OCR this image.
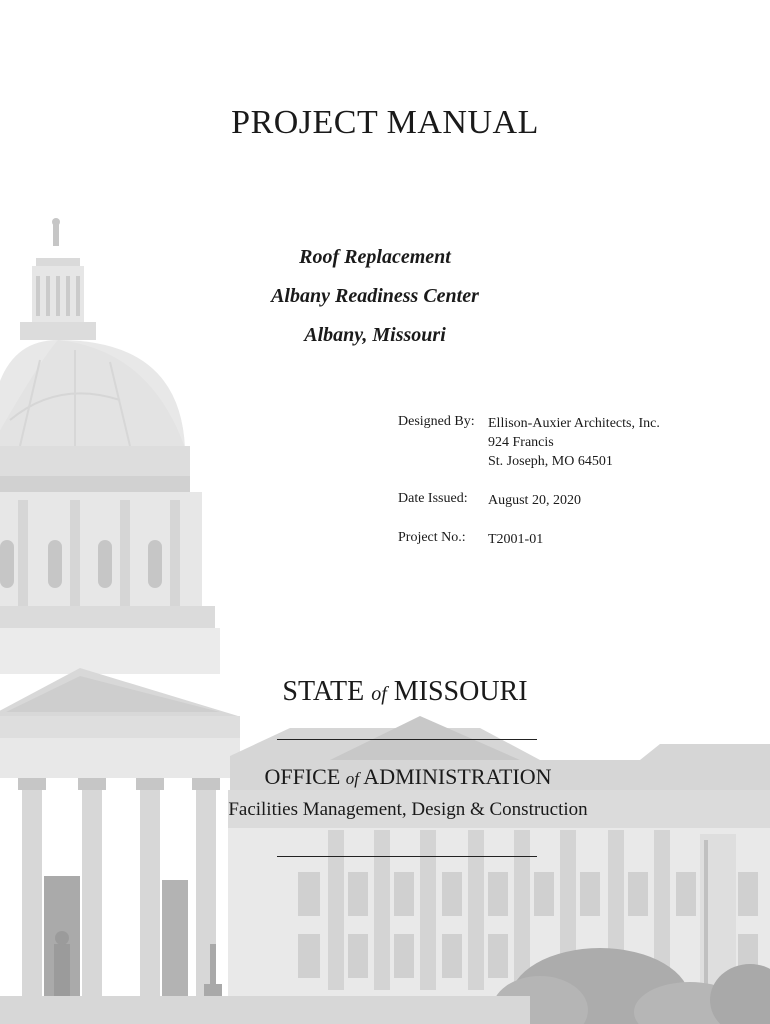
PROJECT MANUAL
Roof Replacement
Albany Readiness Center
Albany, Missouri
Designed By: Ellison-Auxier Architects, Inc.
924 Francis
St. Joseph, MO 64501
Date Issued:	August 20, 2020
Project No.:	T2001-01
STATE of MISSOURI
OFFICE of ADMINISTRATION
Facilities Management, Design & Construction
